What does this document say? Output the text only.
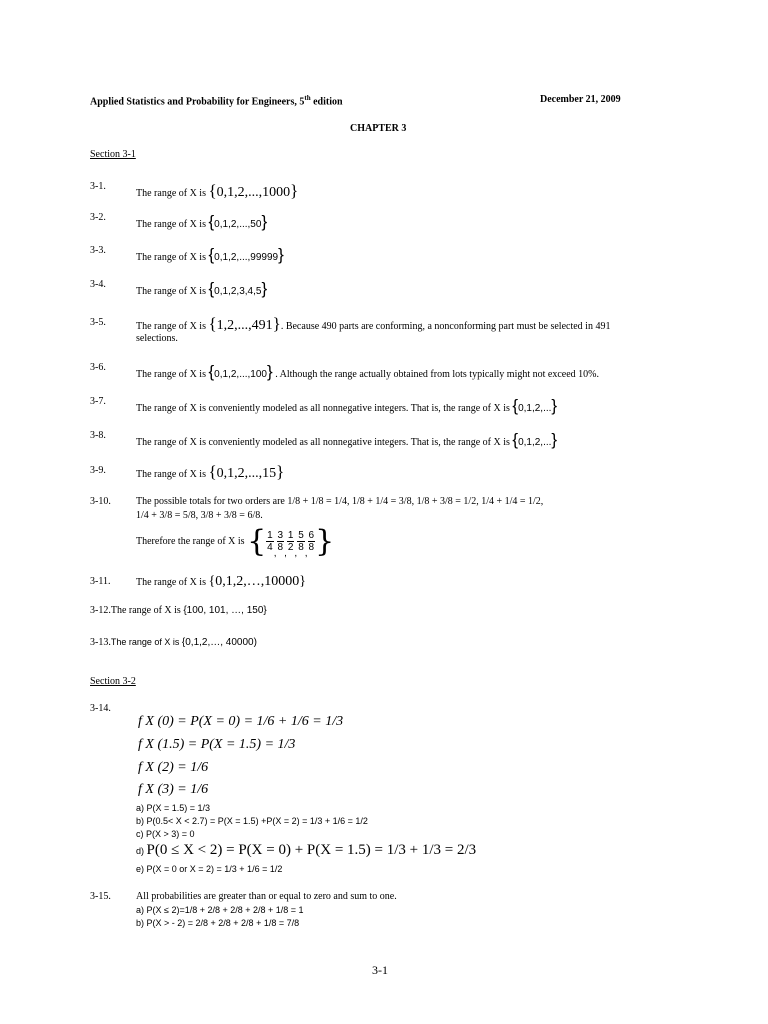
Applied Statistics and Probability for Engineers, 5th edition	December 21, 2009
CHAPTER 3
Section 3-1
3-1.
The range of X is {0,1,2,...,1000}
3-2.
The range of X is {0,1,2,...,50}
3-3.
The range of X is {0,1,2,...,99999}
3-4.
The range of X is {0,1,2,3,4,5}
3-5.	The range of X is {1,2,...,491}. Because 490 parts are conforming, a nonconforming part must be selected in 491
selections.
3-6.
The range of X is {0,1,2,...,100} . Although the range actually obtained from lots typically might not exceed 10%.
3-7.
The range of X is conveniently modeled as all nonnegative integers. That is, the range of X is {0,1,2,...}
3-8.
The range of X is conveniently modeled as all nonnegative integers. That is, the range of X is {0,1,2,...}
3-9.	The range of X is {0,1,2,...,15}
3-10.	The possible totals for two orders are 1/8 + 1/8 = 1/4, 1/8 + 1/4 = 3/8, 1/8 + 3/8 = 1/2, 1/4 + 1/4 = 1/2,
1/4 + 3/8 = 5/8, 3/8 + 3/8 = 6/8.
Therefore the range of X is { $\frac{1}{4}$
,
$\frac{3}{8}$
,
$\frac{1}{2}$
,
$\frac{5}{8}$
,
$\frac{6}{8}$ }
3-11.	The range of X is {0,1,2,…,10000}
3-12.The range of X is {100, 101, …, 150}
3-13.The range of X is {0,1,2,…, 40000)
Section 3-2
3-14.
f X (0) = P(X = 0) = 1/6 + 1/6 = 1/3
f X (1.5) = P(X = 1.5) = 1/3
f X (2) = 1/6
f X (3) = 1/6
a) P(X = 1.5) = 1/3
b) P(0.5< X < 2.7) = P(X = 1.5) +P(X = 2) = 1/3 + 1/6 = 1/2
c) P(X > 3) = 0
d) P(0 ≤ X < 2) = P(X = 0) + P(X = 1.5) = 1/3 + 1/3 = 2/3
e) P(X = 0 or X = 2) = 1/3 + 1/6 = 1/2
3-15.	All probabilities are greater than or equal to zero and sum to one.
a) P(X ≤ 2)=1/8 + 2/8 + 2/8 + 2/8 + 1/8 = 1
b) P(X > - 2) = 2/8 + 2/8 + 2/8 + 1/8 = 7/8
3-1
